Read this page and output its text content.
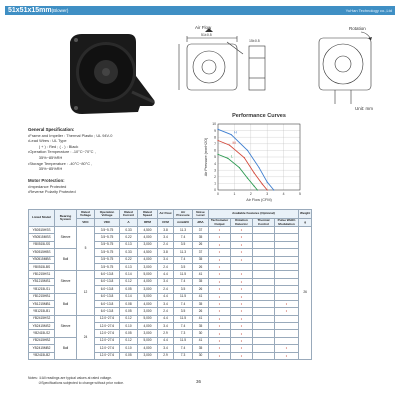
51x51x15mm(Blower)	YuHan Technology co.,Ltd
Air Flow
51±0.5
15±0.5
Rotation
Unit: mm
General Specification:
•Frame and Impeller : Thermal Plastic ; UL 94V-0
•Lead Wires : UL Type
( + ) : Red ; ( - ) : Black
•Operation Temperature : -10°C~70°C ,
35%~85%RH
•Storage Temperature : -40°C~80°C ,
35%~85%RH
Motor Protection:
•Impedance Protected
•Reverse Polarity Protected
Performance Curves
0
1
2
3
4
5
6
7
8
9
10
0	1	2	3	4	5
Air Flow (CFM)
Air Pressure (mmH2O)
H
M
L
Listed Model	Bearing System	Rated Voltage	Operation Voltage	Rated Current	Rated Speed	Air Flow	Air Pressure	Noise Level	Available Features (Optional)				Weight
		VDC	VDC	A	RPM	CFM	mmH2O	dBA	Tachometer Output	Rotation Detector	Thermal Control	Pulse Width Modulation	g
YB0515HSS	Sleeve	5	3.5~5.75	0.33	4,500	3.8	11.3	37	•	•			26
YB0515MSS			3.5~5.75	0.22	4,000	3.4	7.4	35	•	•			
YB0515LSS			3.5~5.75	0.13	3,000	2.4	3.5	26	•	•			
YB0515HBS	Ball		3.5~5.75	0.33	4,500	3.8	11.3	37	•	•			
YB0515MBS			3.5~5.75	0.22	4,000	3.4	7.4	35	•	•			
YB0515LBS			3.5~5.75	0.13	3,000	2.4	3.5	26	•				
YB1215HS1	Sleeve	12	6.0~13.8	0.14	5,000	4.4	11.5	41	•	•			
YB1215MS1			6.0~13.8	0.12	4,000	3.4	7.4	35	•	•			
YB1215LS1			6.0~13.8	0.05	3,000	2.4	3.5	26	•	•			
YB1215HB1	Ball		6.0~13.8	0.14	5,000	4.4	11.5	41	•	•			
YB1215MB1			6.0~13.8	0.08	4,000	3.4	7.4	35	•	•		•	
YB1215LB1			6.0~13.8	0.05	3,000	2.4	3.5	26	•	•		•	
YB2415HS2	Sleeve	24	12.0~27.6	0.12	5,000	4.4	11.5	41	•	•			
YB2415MS2			12.0~27.6	0.10	4,000	3.4	7.4	35	•	•			
YB2415LS2			12.0~27.6	0.05	3,000	2.9	7.3	30	•	•			
YB2415HB2	Ball		12.0~27.6	0.12	5,000	4.4	11.5	41	•	•			
YB2415MB2			12.0~27.6	0.10	4,000	3.4	7.4	35	•	•		•	
YB2415LB2			12.0~27.6	0.05	3,000	2.9	7.3	30	•	•		•	
Notes: ①All readings are typical values at rated voltage.
②Specifications subjected to change without prior notice.	36
